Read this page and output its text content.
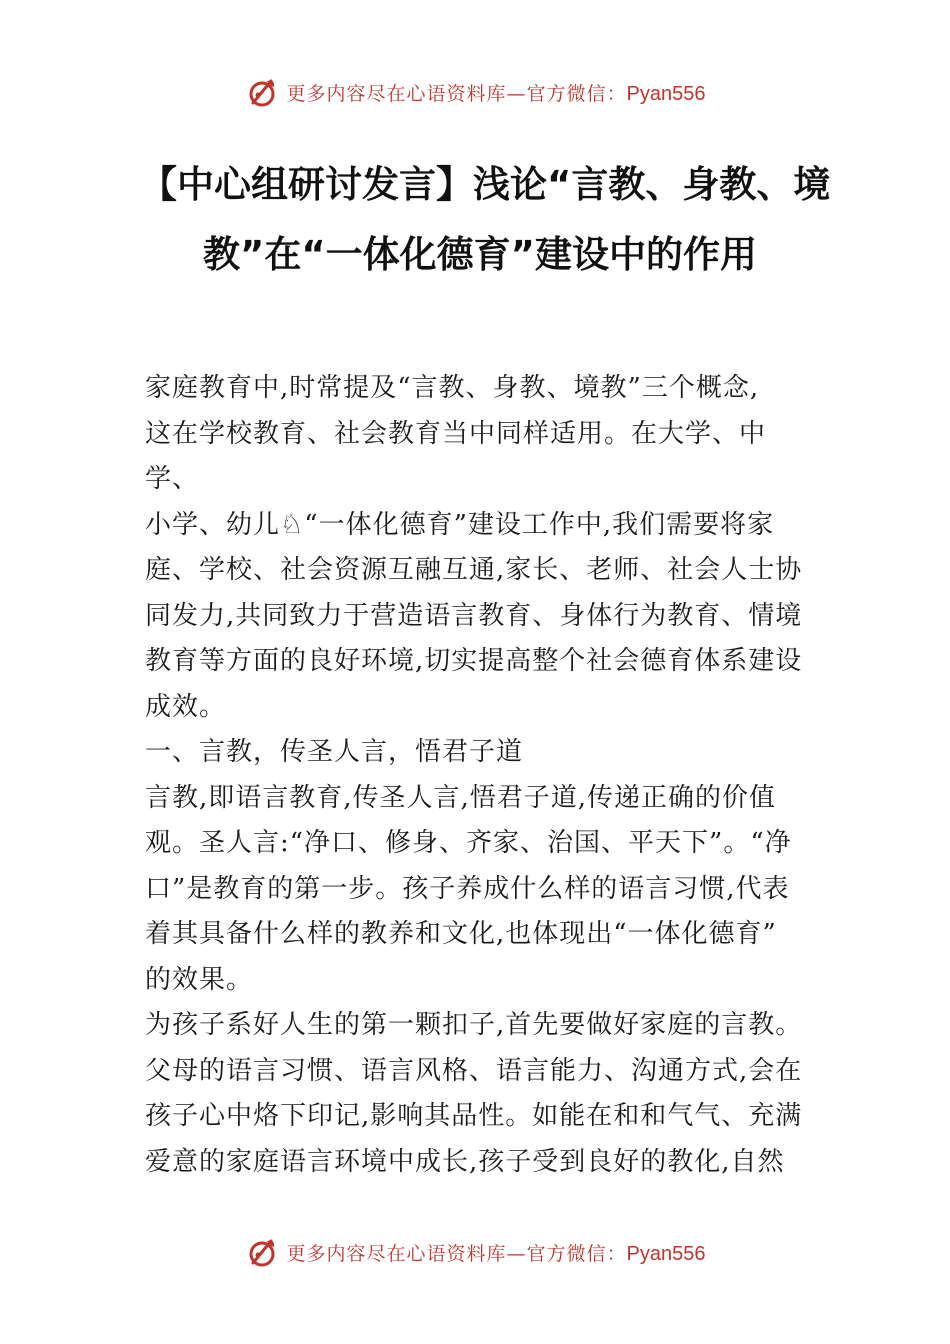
更多内容尽在心语资料库—官方微信：Pyan556
【中心组研讨发言】浅论“言教、身教、境
教”在“一体化德育”建设中的作用

家庭教育中,时常提及“言教、身教、境教”三个概念,

这在学校教育、社会教育当中同样适用。在大学、中学、

小学、幼儿♘“一体化德育”建设工作中,我们需要将家

庭、学校、社会资源互融互通,家长、老师、社会人士协

同发力,共同致力于营造语言教育、身体行为教育、情境

教育等方面的良好环境,切实提高整个社会德育体系建设

成效。

一、言教，传圣人言，悟君子道

言教,即语言教育,传圣人言,悟君子道,传递正确的价值

观。圣人言:“净口、修身、齐家、治国、平天下”。“净

口”是教育的第一步。孩子养成什么样的语言习惯,代表

着其具备什么样的教养和文化,也体现出“一体化德育”

的效果。

为孩子系好人生的第一颗扣子,首先要做好家庭的言教。

父母的语言习惯、语言风格、语言能力、沟通方式,会在

孩子心中烙下印记,影响其品性。如能在和和气气、充满

爱意的家庭语言环境中成长,孩子受到良好的教化,自然

更多内容尽在心语资料库—官方微信：Pyan556
